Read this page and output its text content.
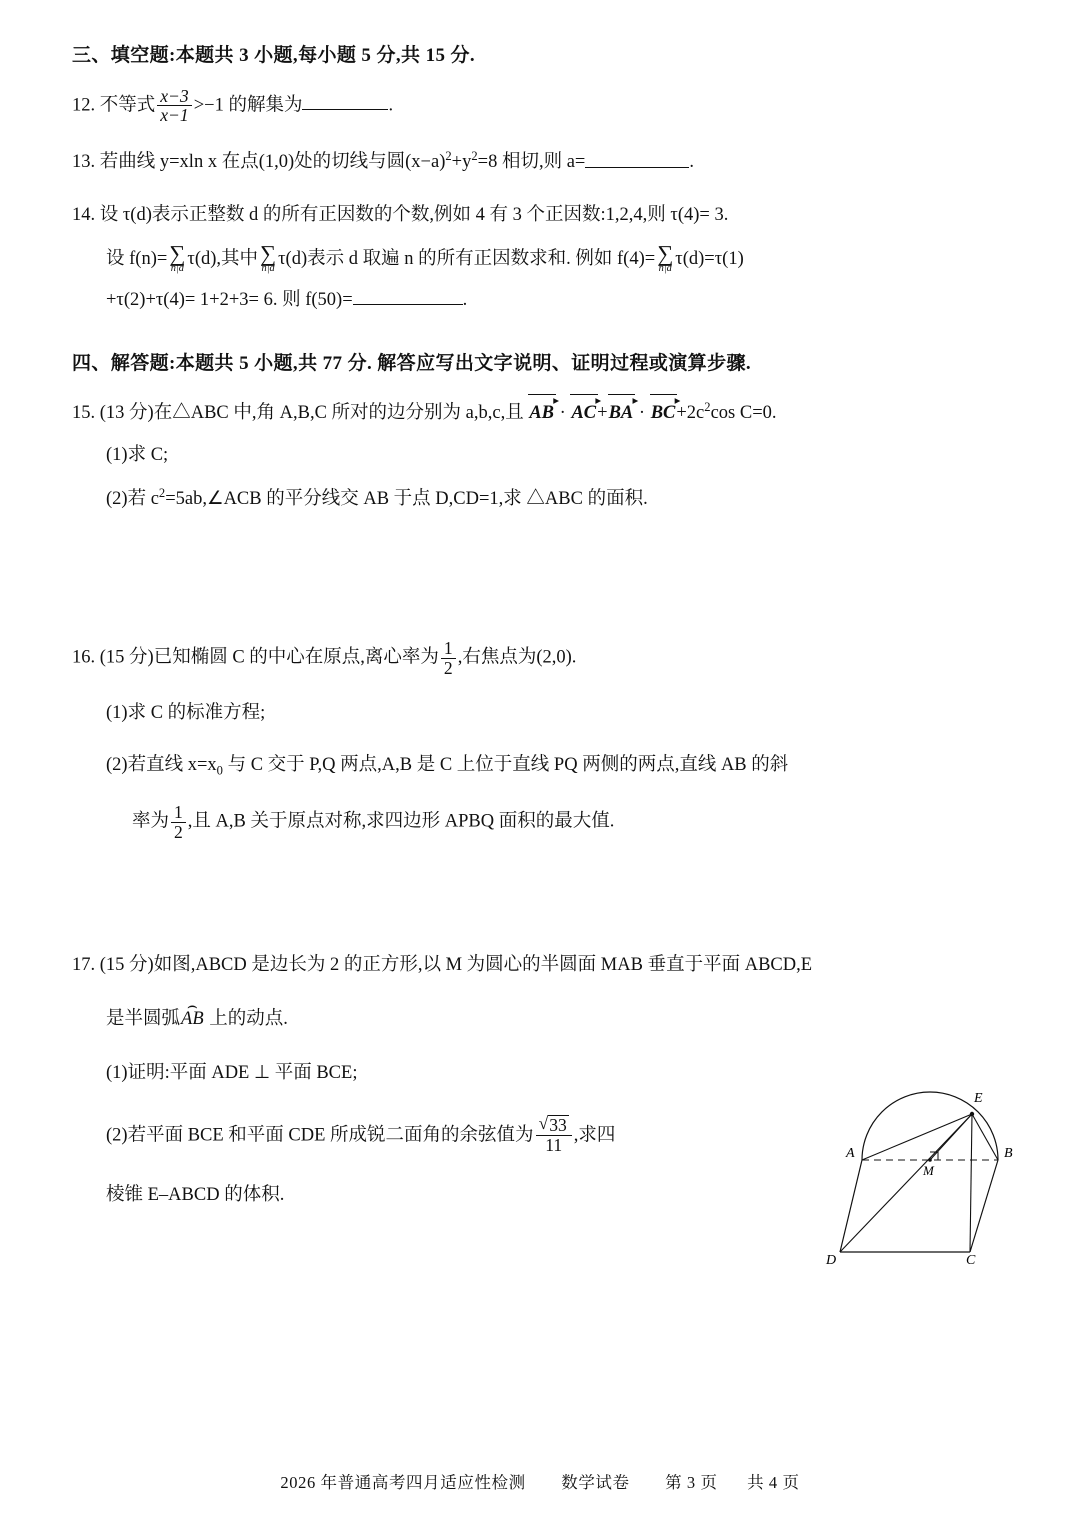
三、填空题:本题共 3 小题,每小题 5 分,共 15 分.
12. 不等式 $\frac{x-3}{x-1} >-1$ 的解集为	.
13. 若曲线 y=xln x 在点(1,0)处的切线与圆$(x-a)^2+y^2=8$ 相切,则 a=	.
14. 设 τ(d)表示正整数 d 的所有正因数的个数,例如 4 有 3 个正因数:1,2,4,则 τ(4)= 3.
设 f(n)= ∑
n|d
τ(d),其中 ∑
n|d
τ(d)表示 d 取遍 n 的所有正因数求和. 例如 f(4)= ∑
n|d
τ(d)=τ(1)
+τ(2)+τ(4)= 1+2+3= 6. 则 f(50)=	.
四、解答题:本题共 5 小题,共 77 分. 解答应写出文字说明、证明过程或演算步骤.
15. (13 分)在△ABC 中,角 A,B,C 所对的边分别为 a,b,c,且 AB
▸
· AC
▸
+BA
▸
· BC
▸
$+2c^2\cos$ C=0.
(1)求 C;
(2)若 $c^2=5ab,\angle ACB$ 的平分线交 AB 于点 D,CD=1,求 △ABC 的面积.
16. (15 分)已知椭圆 C 的中心在原点,离心率为 $\frac{1}{2}$ ,右焦点为(2,0).
(1)求 C 的标准方程;
(2)若直线 $x=x_0$ 与 C 交于 P,Q 两点,A,B 是 C 上位于直线 PQ 两侧的两点,直线 AB 的斜
率为 $\frac{1}{2}$ ,且 A,B 关于原点对称,求四边形 APBQ 面积的最大值.
17. (15 分)如图,ABCD 是边长为 2 的正方形,以 M 为圆心的半圆面 MAB 垂直于平面 ABCD,E
是半圆弧⌢ AB 上的动点.
(1)证明:平面 ADE ⊥ 平面 BCE;
(2)若平面 BCE 和平面 CDE 所成锐二面角的余弦值为 √ $\frac{33}{11}$ ,求四
棱锥 E–ABCD 的体积.
A	B
C
D
E
M
2026 年普通高考四月适应性检测 数学试卷 第 3 页 共 4 页
